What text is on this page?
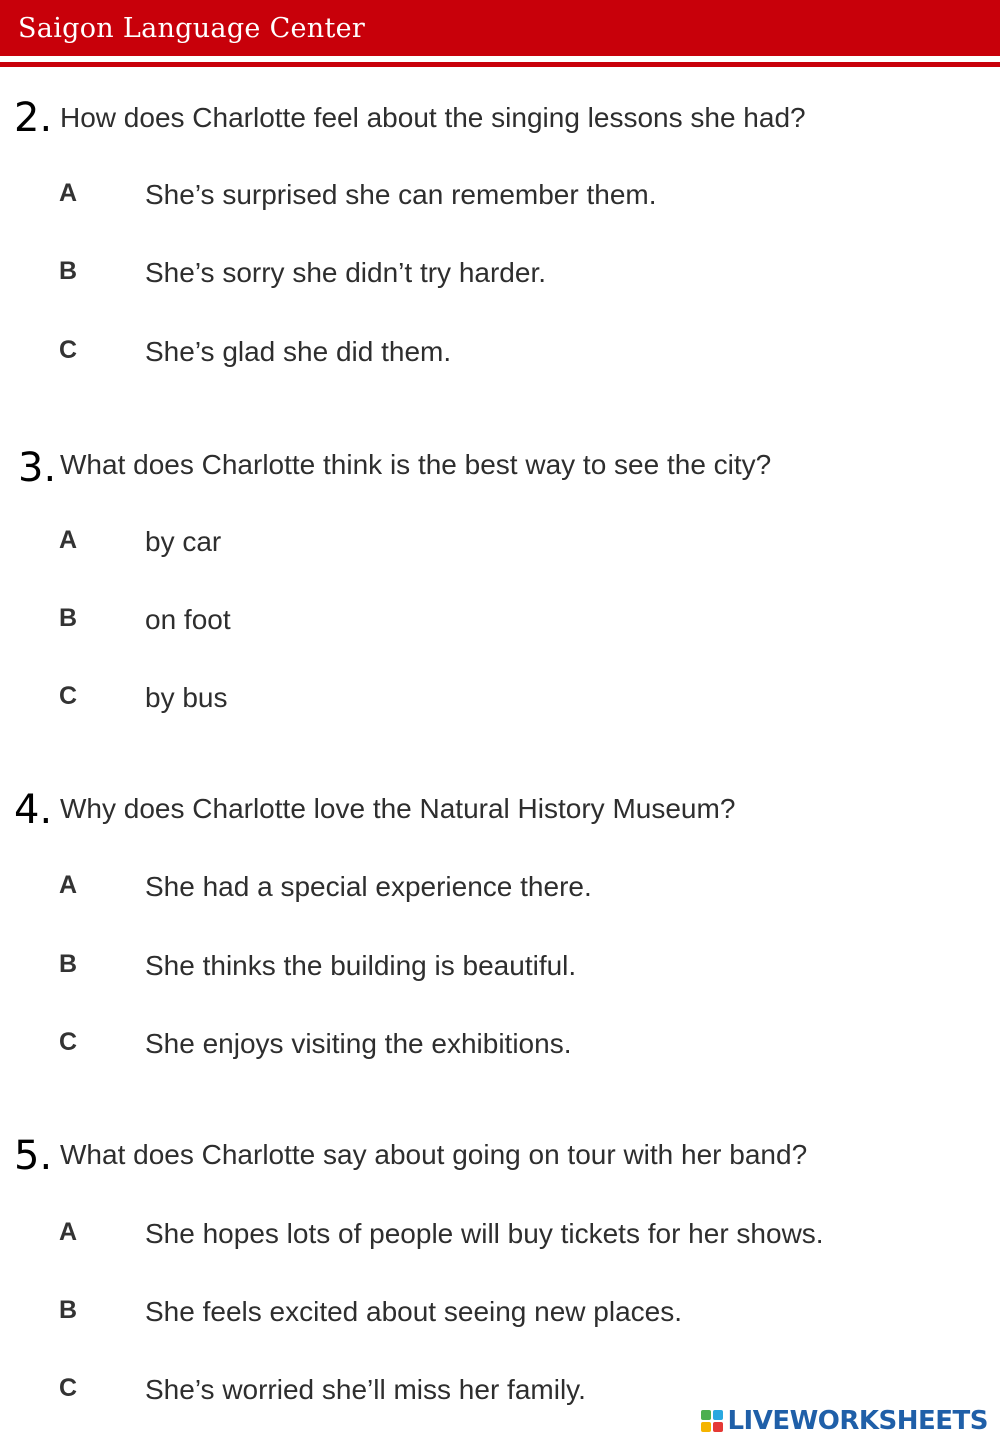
Saigon Language Center
2. How does Charlotte feel about the singing lessons she had?
A She’s surprised she can remember them.
B She’s sorry she didn’t try harder.
C She’s glad she did them.
3. What does Charlotte think is the best way to see the city?
A by car
B on foot
C by bus
4. Why does Charlotte love the Natural History Museum?
A She had a special experience there.
B She thinks the building is beautiful.
C She enjoys visiting the exhibitions.
5. What does Charlotte say about going on tour with her band?
A She hopes lots of people will buy tickets for her shows.
B She feels excited about seeing new places.
C She’s worried she’ll miss her family.
LIVEWORKSHEETS
